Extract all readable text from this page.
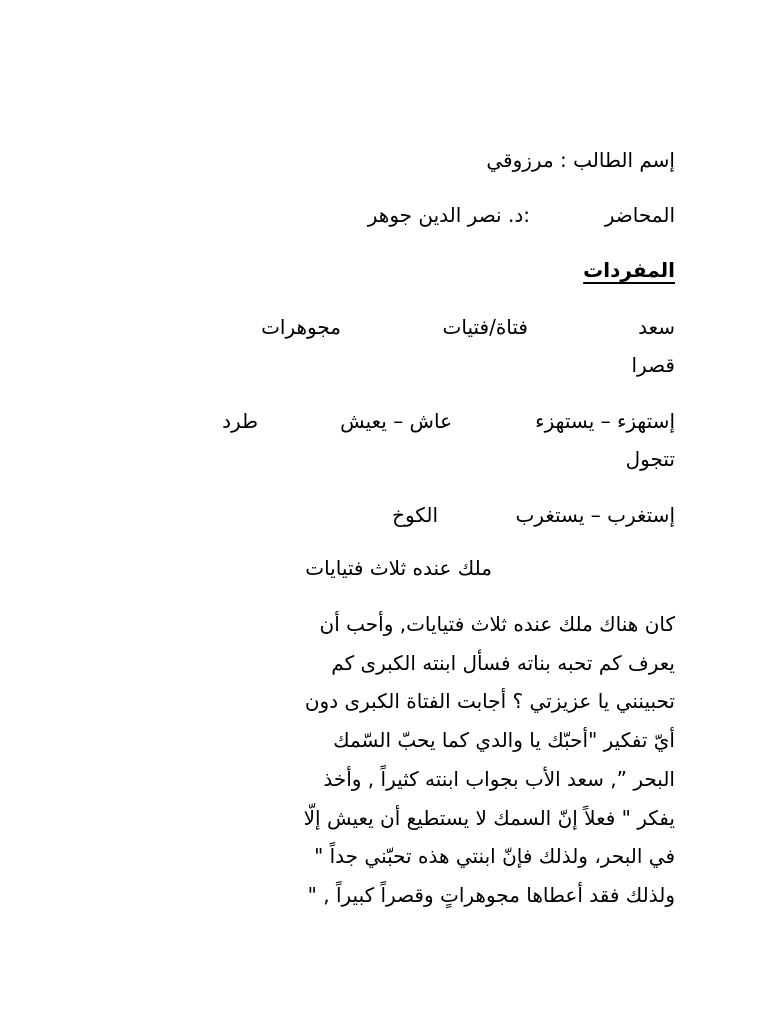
إسم الطالب : مرزوقي
المحاضر
:د. نصر الدين جوهر
المفردات
سعد
فتاة/فتيات
مجوهرات
قصرا
إستهزء – يستهزء
عاش – يعيش
طرد
تتجول
إستغرب – يستغرب
الكوخ
ملك عنده ثلاث فتيايات
كان هناك ملك عنده ثلاث فتيايات, وأحب أن
يعرف كم تحبه بناته فسأل ابنته الكبرى كم
تحبينني يا عزيزتي ؟ أجابت الفتاة الكبرى دون
أيّ تفكير "أحبّك يا والدي كما يحبّ السّمك
البحر ”, سعد الأب بجواب ابنته كثيراً , وأخذ
يفكر " فعلاً إنّ السمك لا يستطيع أن يعيش إلّا
في البحر، ولذلك فإنّ ابنتي هذه تحبّني جداً "
ولذلك فقد أعطاها مجوهراتٍ وقصراً كبيراً , "
